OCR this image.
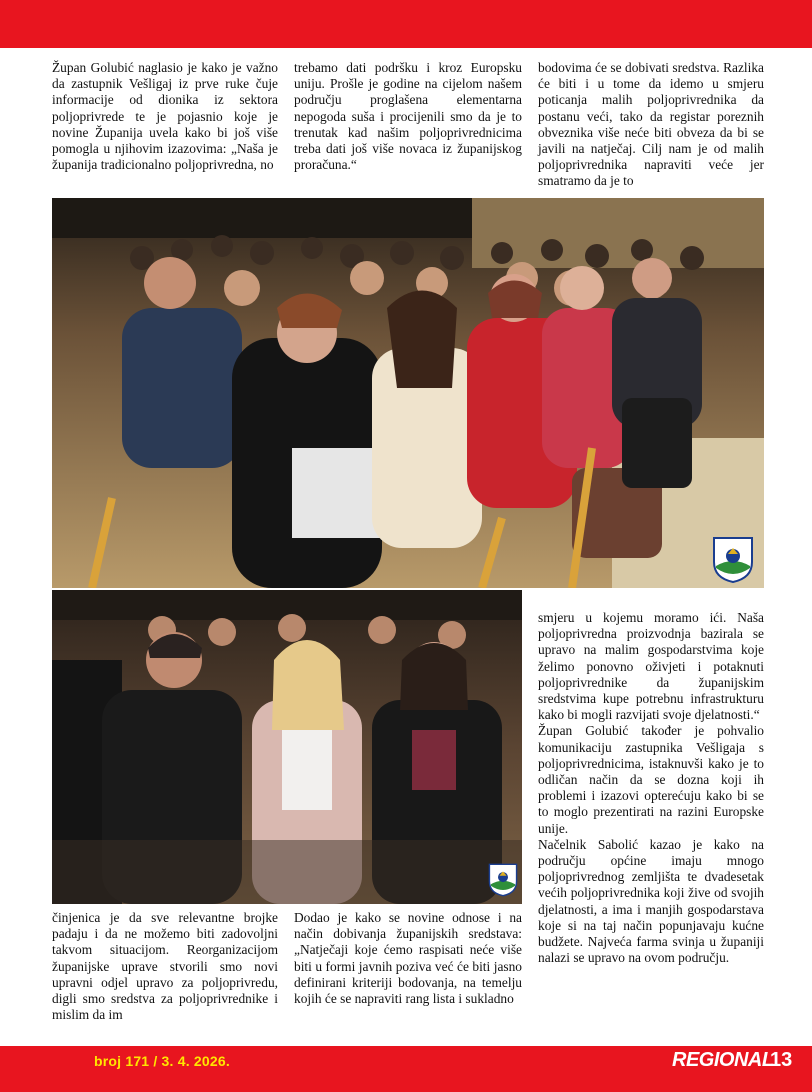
Župan Golubić naglasio je kako je važno da zastupnik Vešligaj iz prve ruke čuje informacije od dionika iz sektora poljoprivrede te je pojasnio koje je novine Županija uvela kako bi još više pomogla u njihovim izazovima: „Naša je županija tradicionalno poljoprivredna, no

trebamo dati podršku i kroz Europsku uniju. Prošle je godine na cijelom našem području proglašena elementarna nepogoda suša i procijenili smo da je to trenutak kad našim poljoprivrednicima treba dati još više novaca iz županijskog proračuna.“

bodovima će se dobivati sredstva. Razlika će biti i u tome da idemo u smjeru poticanja malih poljoprivrednika da postanu veći, tako da registar poreznih obveznika više neće biti obveza da bi se javili na natječaj. Cilj nam je od malih poljoprivrednika napraviti veće jer smatramo da je to

smjeru u kojemu moramo ići. Naša poljoprivredna proizvodnja bazirala se upravo na malim gospodarstvima koje želimo ponovno oživjeti i potaknuti poljoprivrednike da županijskim sredstvima kupe potrebnu infrastrukturu kako bi mogli razvijati svoje djelatnosti.“

Župan Golubić također je pohvalio komunikaciju zastupnika Vešligaja s poljoprivrednicima, istaknuvši kako je to odličan način da se dozna koji ih problemi i izazovi opterećuju kako bi se to moglo prezentirati na razini Europske unije.

Načelnik Sabolić kazao je kako na području općine imaju mnogo poljoprivrednog zemljišta te dvadesetak većih poljoprivrednika koji žive od svojih djelatnosti, a ima i manjih gospodarstava koje si na taj način popunjavaju kućne budžete. Najveća farma svinja u županiji nalazi se upravo na ovom području.

činjenica je da sve relevantne brojke padaju i da ne možemo biti zadovoljni takvom situacijom. Reorganizacijom županijske uprave stvorili smo novi upravni odjel upravo za poljoprivredu, digli smo sredstva za poljoprivrednike i mislim da im

Dodao je kako se novine odnose i na način dobivanja županijskih sredstava: „Natječaji koje ćemo raspisati neće više biti u formi javnih poziva već će biti jasno definirani kriteriji bodovanja, na temelju kojih će se napraviti rang lista i sukladno

broj 171 / 3. 4. 2026.	REGIONAL
13
